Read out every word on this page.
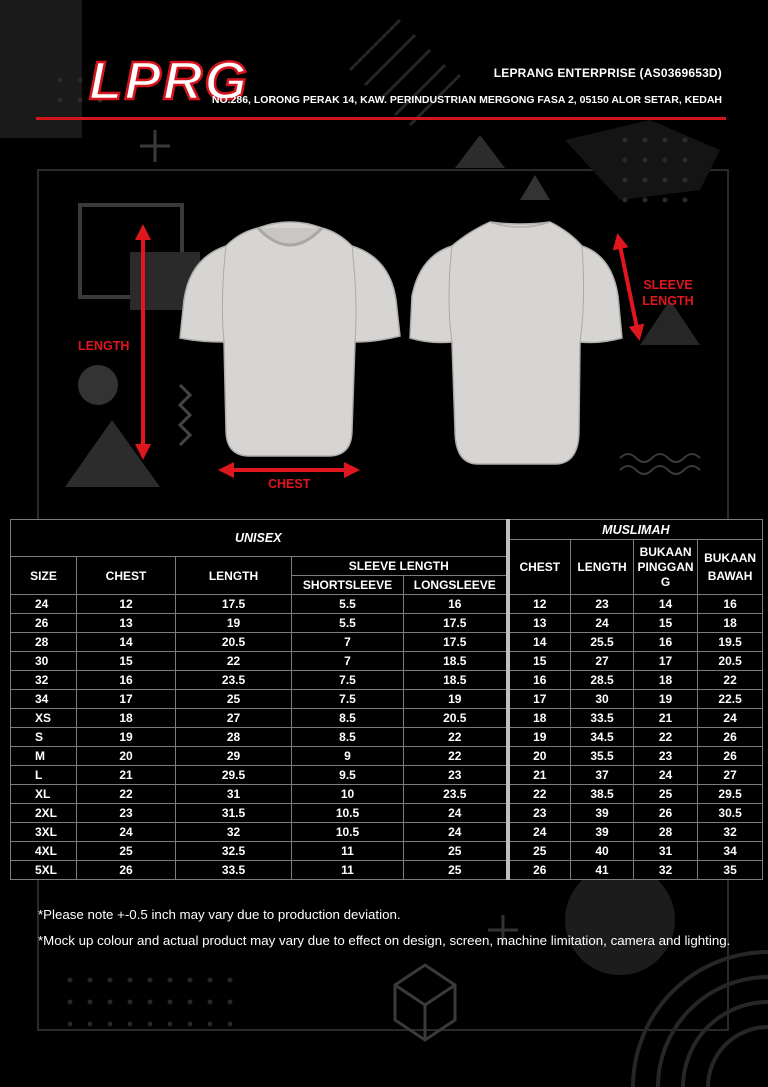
LPRG	LEPRANG ENTERPRISE (AS0369653D)
NO.286, LORONG PERAK 14, KAW. PERINDUSTRIAN MERGONG FASA 2, 05150 ALOR SETAR, KEDAH
LENGTH
CHEST
SLEEVE
LENGTH
UNISEX					MUSLIMAH			
					CHEST	LENGTH	BUKAAN PINGGAN G	BUKAAN BAWAH
SIZE	CHEST	LENGTH	SLEEVE LENGTH					
			SHORTSLEEVE	LONGSLEEVE				
24	12	17.5	5.5	16	12	23	14	16
26	13	19	5.5	17.5	13	24	15	18
28	14	20.5	7	17.5	14	25.5	16	19.5
30	15	22	7	18.5	15	27	17	20.5
32	16	23.5	7.5	18.5	16	28.5	18	22
34	17	25	7.5	19	17	30	19	22.5
XS	18	27	8.5	20.5	18	33.5	21	24
S	19	28	8.5	22	19	34.5	22	26
M	20	29	9	22	20	35.5	23	26
L	21	29.5	9.5	23	21	37	24	27
XL	22	31	10	23.5	22	38.5	25	29.5
2XL	23	31.5	10.5	24	23	39	26	30.5
3XL	24	32	10.5	24	24	39	28	32
4XL	25	32.5	11	25	25	40	31	34
5XL	26	33.5	11	25	26	41	32	35
*Please note +-0.5 inch may vary due to production deviation.
*Mock up colour and actual product may vary due to effect on design, screen, machine limitation, camera and lighting.
